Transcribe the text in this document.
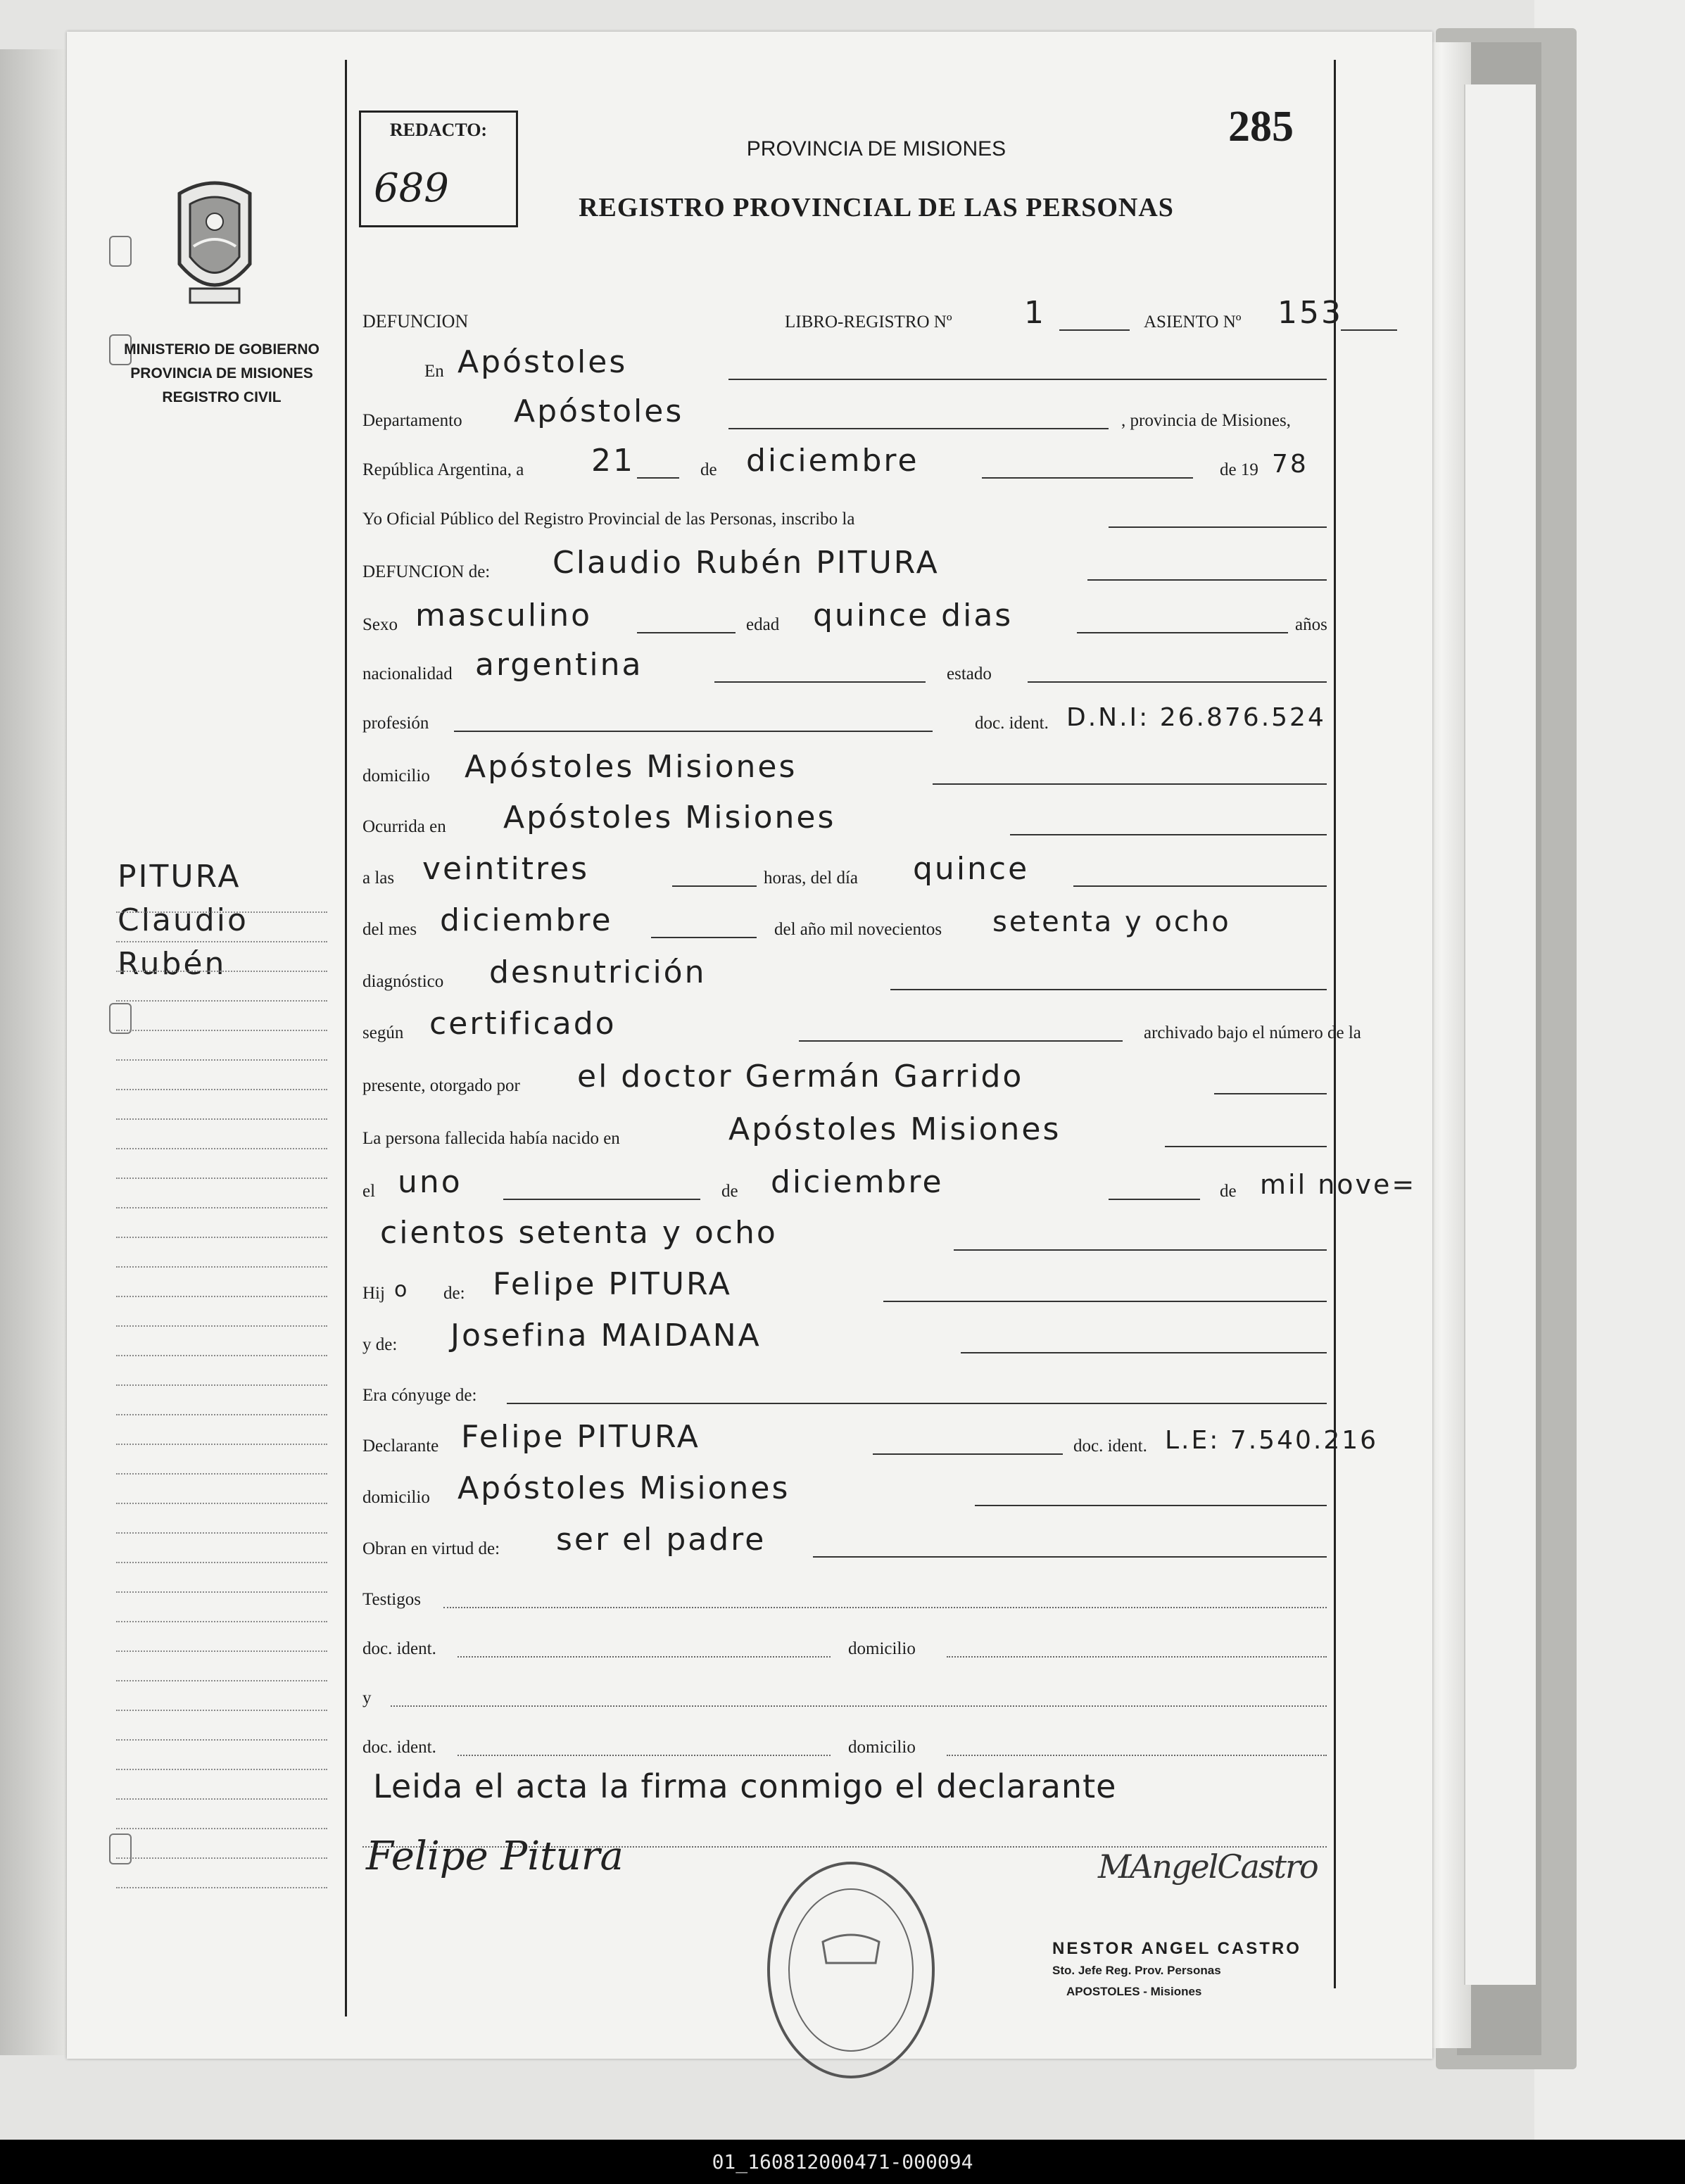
MINISTERIO DE GOBIERNO
PROVINCIA DE MISIONES
REGISTRO CIVIL
PITURA
Claudio
Rubén
REDACTO:
689
285
PROVINCIA DE MISIONES
REGISTRO PROVINCIAL DE LAS PERSONAS
DEFUNCION	LIBRO-REGISTRO Nº 1	ASIENTO Nº 153
En Apóstoles
Departamento Apóstoles	, provincia de Misiones,
República Argentina, a 21	de diciembre	de 19 78
Yo Oficial Público del Registro Provincial de las Personas, inscribo la
DEFUNCION de: Claudio Rubén PITURA
Sexo masculino	edad quince dias	años
nacionalidad argentina	estado
profesión	doc. ident. D.N.I: 26.876.524
domicilio Apóstoles Misiones
Ocurrida en Apóstoles Misiones
a las veintitres	horas, del día quince
del mes diciembre	del año mil novecientos setenta y ocho
diagnóstico desnutrición
según certificado	archivado bajo el número de la
presente, otorgado por el doctor Germán Garrido
La persona fallecida había nacido en	Apóstoles Misiones
el uno	de diciembre	de mil nove=
cientos setenta y ocho
Hij o de: Felipe PITURA
y de: Josefina MAIDANA
Era cónyuge de:
Declarante Felipe PITURA	doc. ident. L.E: 7.540.216
domicilio Apóstoles Misiones
Obran en virtud de: ser el padre
Testigos
doc. ident.	domicilio
y
doc. ident.	domicilio
Leida el acta la firma conmigo el declarante
Felipe Pitura	MAngelCastro
NESTOR ANGEL CASTRO
Sto. Jefe Reg. Prov. Personas
APOSTOLES - Misiones
01_160812000471-000094
